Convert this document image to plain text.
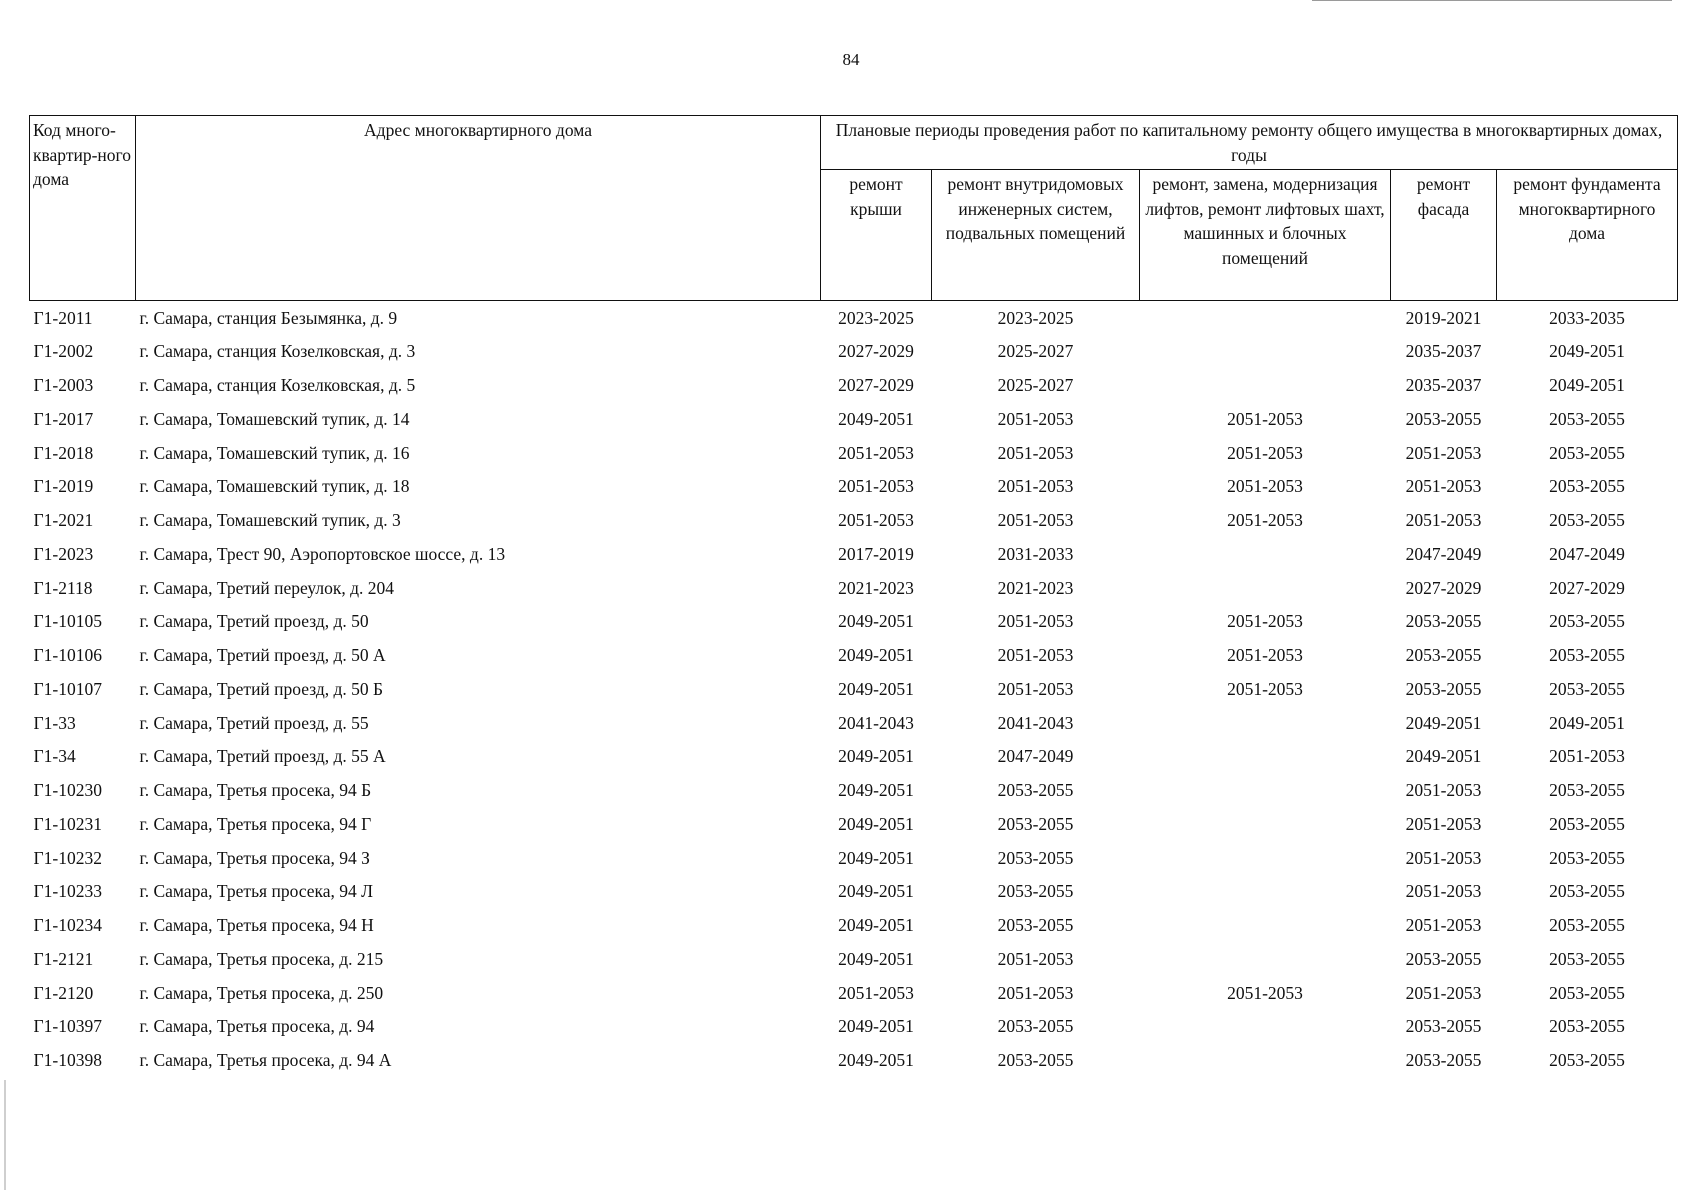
84
Код много-квартир-ного дома	Адрес многоквартирного дома	Плановые периоды проведения работ по капитальному ремонту общего имущества в многоквартирных домах, годы				
		ремонт крыши	ремонт внутридомовых инженерных систем, подвальных помещений	ремонт, замена, модернизация лифтов, ремонт лифтовых шахт, машинных и блочных помещений	ремонт фасада	ремонт фундамента многоквартирного дома
Г1-2011	г. Самара, станция Безымянка, д. 9	2023-2025	2023-2025		2019-2021	2033-2035
Г1-2002	г. Самара, станция Козелковская, д. 3	2027-2029	2025-2027		2035-2037	2049-2051
Г1-2003	г. Самара, станция Козелковская, д. 5	2027-2029	2025-2027		2035-2037	2049-2051
Г1-2017	г. Самара, Томашевский тупик, д. 14	2049-2051	2051-2053	2051-2053	2053-2055	2053-2055
Г1-2018	г. Самара, Томашевский тупик, д. 16	2051-2053	2051-2053	2051-2053	2051-2053	2053-2055
Г1-2019	г. Самара, Томашевский тупик, д. 18	2051-2053	2051-2053	2051-2053	2051-2053	2053-2055
Г1-2021	г. Самара, Томашевский тупик, д. 3	2051-2053	2051-2053	2051-2053	2051-2053	2053-2055
Г1-2023	г. Самара, Трест 90, Аэропортовское шоссе, д. 13	2017-2019	2031-2033		2047-2049	2047-2049
Г1-2118	г. Самара, Третий переулок, д. 204	2021-2023	2021-2023		2027-2029	2027-2029
Г1-10105	г. Самара, Третий проезд, д. 50	2049-2051	2051-2053	2051-2053	2053-2055	2053-2055
Г1-10106	г. Самара, Третий проезд, д. 50 А	2049-2051	2051-2053	2051-2053	2053-2055	2053-2055
Г1-10107	г. Самара, Третий проезд, д. 50 Б	2049-2051	2051-2053	2051-2053	2053-2055	2053-2055
Г1-33	г. Самара, Третий проезд, д. 55	2041-2043	2041-2043		2049-2051	2049-2051
Г1-34	г. Самара, Третий проезд, д. 55 А	2049-2051	2047-2049		2049-2051	2051-2053
Г1-10230	г. Самара, Третья просека, 94 Б	2049-2051	2053-2055		2051-2053	2053-2055
Г1-10231	г. Самара, Третья просека, 94 Г	2049-2051	2053-2055		2051-2053	2053-2055
Г1-10232	г. Самара, Третья просека, 94 З	2049-2051	2053-2055		2051-2053	2053-2055
Г1-10233	г. Самара, Третья просека, 94 Л	2049-2051	2053-2055		2051-2053	2053-2055
Г1-10234	г. Самара, Третья просека, 94 Н	2049-2051	2053-2055		2051-2053	2053-2055
Г1-2121	г. Самара, Третья просека, д. 215	2049-2051	2051-2053		2053-2055	2053-2055
Г1-2120	г. Самара, Третья просека, д. 250	2051-2053	2051-2053	2051-2053	2051-2053	2053-2055
Г1-10397	г. Самара, Третья просека, д. 94	2049-2051	2053-2055		2053-2055	2053-2055
Г1-10398	г. Самара, Третья просека, д. 94 А	2049-2051	2053-2055		2053-2055	2053-2055
